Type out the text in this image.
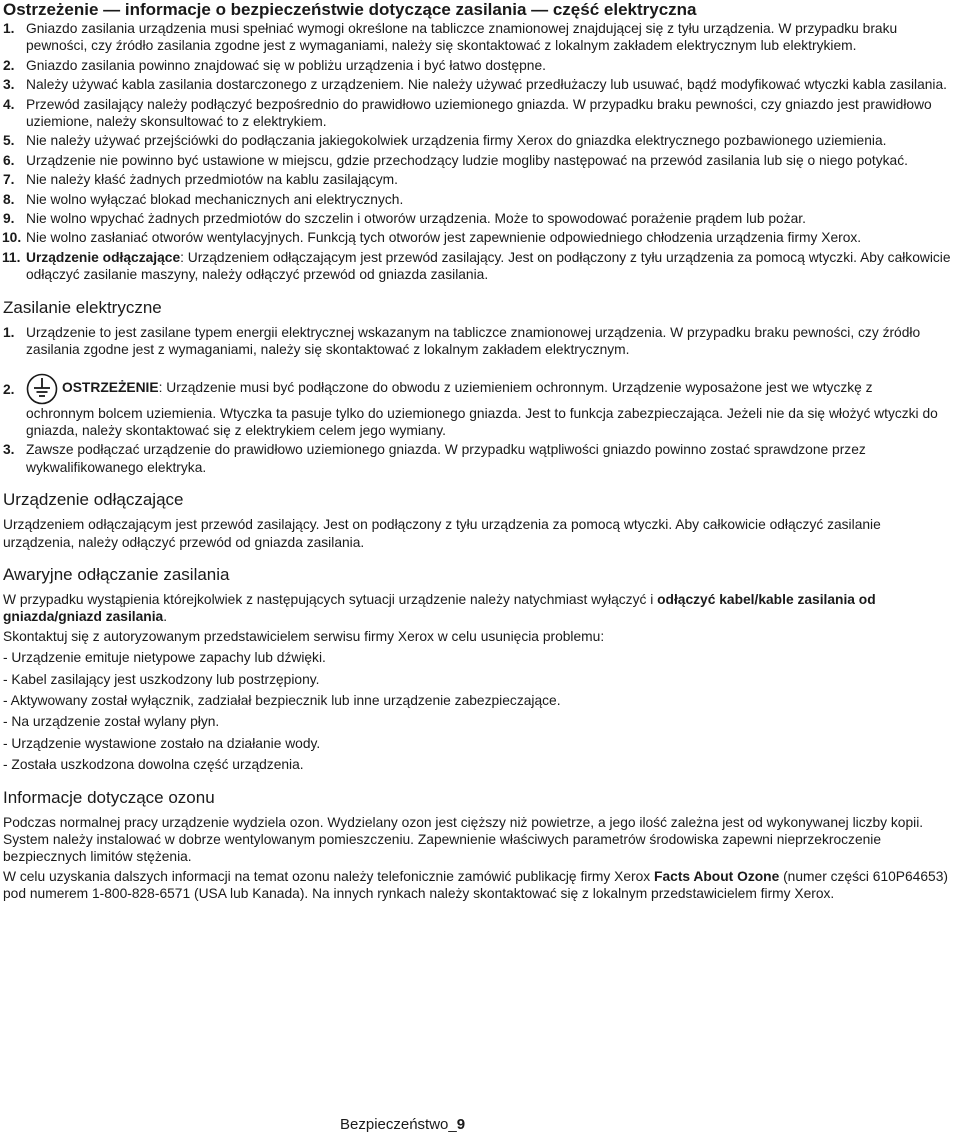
Ostrzeżenie — informacje o bezpieczeństwie dotyczące zasilania — część elektryczna
1. Gniazdo zasilania urządzenia musi spełniać wymogi określone na tabliczce znamionowej znajdującej się z tyłu urządzenia. W przypadku braku pewności, czy źródło zasilania zgodne jest z wymaganiami, należy się skontaktować z lokalnym zakładem elektrycznym lub elektrykiem.
2. Gniazdo zasilania powinno znajdować się w pobliżu urządzenia i być łatwo dostępne.
3. Należy używać kabla zasilania dostarczonego z urządzeniem. Nie należy używać przedłużaczy lub usuwać, bądź modyfikować wtyczki kabla zasilania.
4. Przewód zasilający należy podłączyć bezpośrednio do prawidłowo uziemionego gniazda. W przypadku braku pewności, czy gniazdo jest prawidłowo uziemione, należy skonsultować to z elektrykiem.
5. Nie należy używać przejściówki do podłączania jakiegokolwiek urządzenia firmy Xerox do gniazdka elektrycznego pozbawionego uziemienia.
6. Urządzenie nie powinno być ustawione w miejscu, gdzie przechodzący ludzie mogliby następować na przewód zasilania lub się o niego potykać.
7. Nie należy kłaść żadnych przedmiotów na kablu zasilającym.
8. Nie wolno wyłączać blokad mechanicznych ani elektrycznych.
9. Nie wolno wpychać żadnych przedmiotów do szczelin i otworów urządzenia. Może to spowodować porażenie prądem lub pożar.
10. Nie wolno zasłaniać otworów wentylacyjnych. Funkcją tych otworów jest zapewnienie odpowiedniego chłodzenia urządzenia firmy Xerox.
11. Urządzenie odłączające: Urządzeniem odłączającym jest przewód zasilający. Jest on podłączony z tyłu urządzenia za pomocą wtyczki. Aby całkowicie odłączyć zasilanie maszyny, należy odłączyć przewód od gniazda zasilania.
Zasilanie elektryczne
1. Urządzenie to jest zasilane typem energii elektrycznej wskazanym na tabliczce znamionowej urządzenia. W przypadku braku pewności, czy źródło zasilania zgodne jest z wymaganiami, należy się skontaktować z lokalnym zakładem elektrycznym.
2.	OSTRZEŻENIE: Urządzenie musi być podłączone do obwodu z uziemieniem ochronnym. Urządzenie wyposażone jest we wtyczkę z
ochronnym bolcem uziemienia. Wtyczka ta pasuje tylko do uziemionego gniazda. Jest to funkcja zabezpieczająca. Jeżeli nie da się włożyć wtyczki do gniazda, należy skontaktować się z elektrykiem celem jego wymiany.
3. Zawsze podłączać urządzenie do prawidłowo uziemionego gniazda. W przypadku wątpliwości gniazdo powinno zostać sprawdzone przez wykwalifikowanego elektryka.
Urządzenie odłączające

Urządzeniem odłączającym jest przewód zasilający. Jest on podłączony z tyłu urządzenia za pomocą wtyczki. Aby całkowicie odłączyć zasilanie urządzenia, należy odłączyć przewód od gniazda zasilania.

Awaryjne odłączanie zasilania

W przypadku wystąpienia którejkolwiek z następujących sytuacji urządzenie należy natychmiast wyłączyć i odłączyć kabel/kable zasilania od gniazda/gniazd zasilania.

Skontaktuj się z autoryzowanym przedstawicielem serwisu firmy Xerox w celu usunięcia problemu:

- Urządzenie emituje nietypowe zapachy lub dźwięki.
- Kabel zasilający jest uszkodzony lub postrzępiony.
- Aktywowany został wyłącznik, zadziałał bezpiecznik lub inne urządzenie zabezpieczające.
- Na urządzenie został wylany płyn.
- Urządzenie wystawione zostało na działanie wody.
- Została uszkodzona dowolna część urządzenia.
Informacje dotyczące ozonu

Podczas normalnej pracy urządzenie wydziela ozon. Wydzielany ozon jest cięższy niż powietrze, a jego ilość zależna jest od wykonywanej liczby kopii. System należy instalować w dobrze wentylowanym pomieszczeniu. Zapewnienie właściwych parametrów środowiska zapewni nieprzekroczenie bezpiecznych limitów stężenia.

W celu uzyskania dalszych informacji na temat ozonu należy telefonicznie zamówić publikację firmy Xerox Facts About Ozone (numer części 610P64653) pod numerem 1-800-828-6571 (USA lub Kanada). Na innych rynkach należy skontaktować się z lokalnym przedstawicielem firmy Xerox.

Bezpieczeństwo_9
